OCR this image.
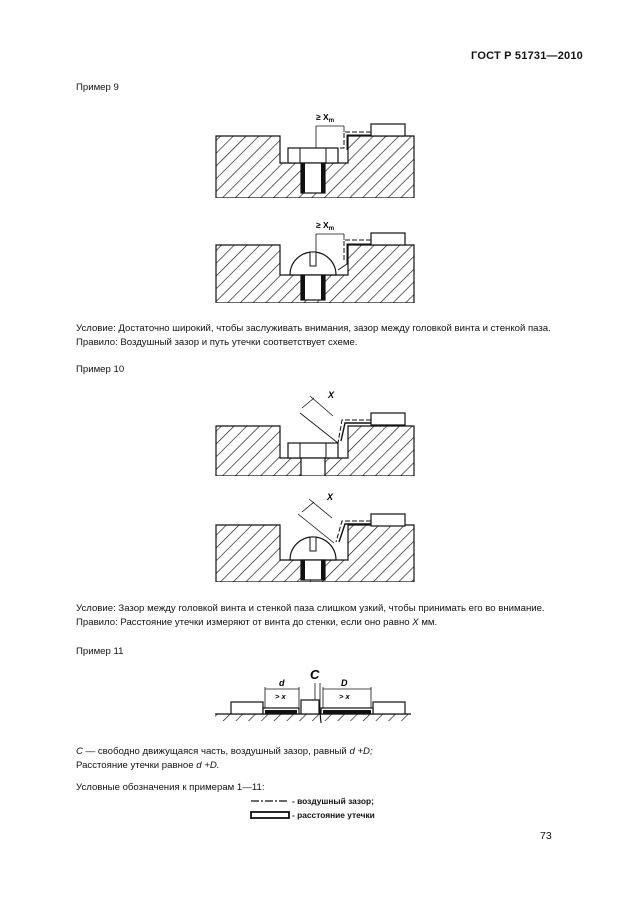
ГОСТ Р 51731—2010
Пример 9
≥ $X_m$
≥ $X_m$
Условие: Достаточно широкий, чтобы заслуживать внимания, зазор между головкой винта и стенкой паза.
Правило: Воздушный зазор и путь утечки соответствует схеме.
Пример 10
X
X
Условие: Зазор между головкой винта и стенкой паза слишком узкий, чтобы принимать его во внимание.
Правило: Расстояние утечки измеряют от винта до стенки, если оно равно X мм.
Пример 11
C
d	D
> x	> x
C — свободно движущаяся часть, воздушный зазор, равный d +D;
Расстояние утечки равное d +D.
Условные обозначения к примерам 1—11:
- воздушный зазор;
- расстояние утечки
73
